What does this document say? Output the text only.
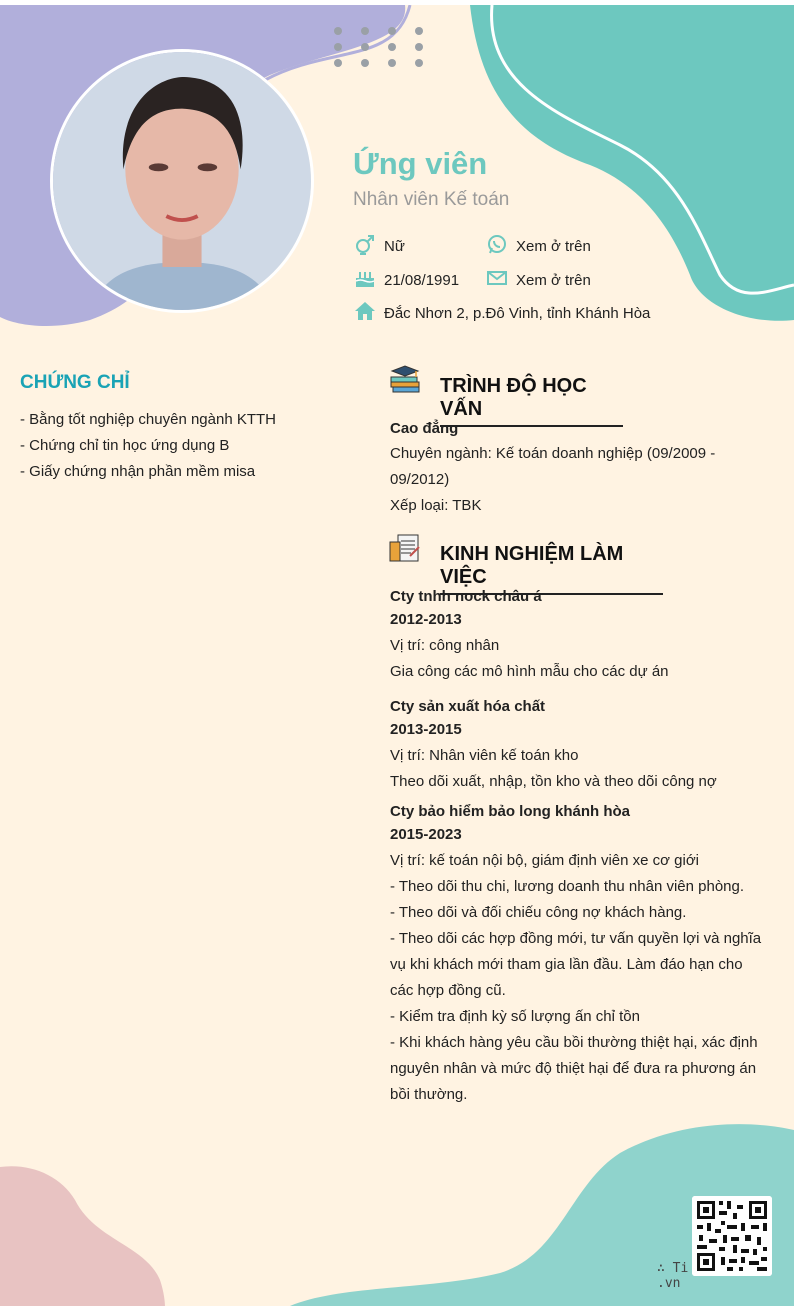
Ứng viên
Nhân viên Kế toán
Nữ	Xem ở trên
21/08/1991	Xem ở trên
Đắc Nhơn 2, p.Đô Vinh, tỉnh Khánh Hòa
CHỨNG CHỈ
- Bằng tốt nghiệp chuyên ngành KTTH
- Chứng chỉ tin học ứng dụng B
- Giấy chứng nhận phần mềm misa
TRÌNH ĐỘ HỌC VẤN
Cao đẳng
Chuyên ngành: Kế toán doanh nghiệp (09/2009 -
09/2012)
Xếp loại: TBK
KINH NGHIỆM LÀM VIỆC
Cty tnhh nock châu á
2012-2013
Vị trí: công nhân
Gia công các mô hình mẫu cho các dự án
Cty sản xuất hóa chất
2013-2015
Vị trí: Nhân viên kế toán kho
Theo dõi xuất, nhập, tồn kho và theo dõi công nợ
Cty bảo hiểm bảo long khánh hòa
2015-2023
Vị trí: kế toán nội bộ, giám định viên xe cơ giới
- Theo dõi thu chi, lương doanh thu nhân viên phòng.
- Theo dõi và đối chiếu công nợ khách hàng.
- Theo dõi các hợp đồng mới, tư vấn quyền lợi và nghĩa
vụ khi khách mới tham gia lần đầu. Làm đáo hạn cho
các hợp đồng cũ.
- Kiểm tra định kỳ số lượng ấn chỉ tồn
- Khi khách hàng yêu cầu bồi thường thiệt hại, xác định
nguyên nhân và mức độ thiệt hại để đưa ra phương án
bồi thường.
∴ Ti.vn
